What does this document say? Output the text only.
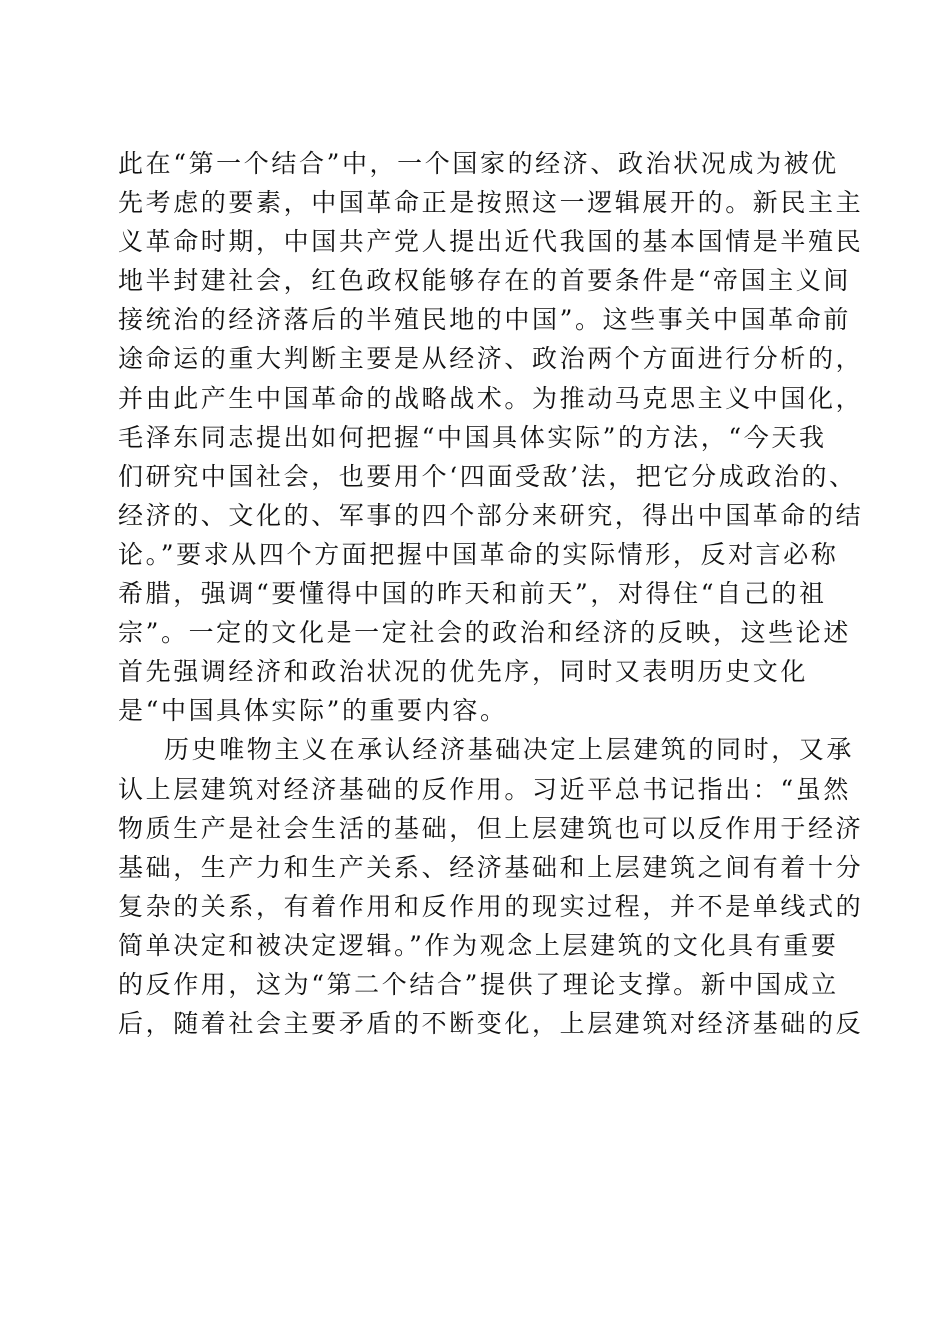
此在“第一个结合”中，一个国家的经济、政治状况成为被优
先考虑的要素，中国革命正是按照这一逻辑展开的。新民主主
义革命时期，中国共产党人提出近代我国的基本国情是半殖民
地半封建社会，红色政权能够存在的首要条件是“帝国主义间
接统治的经济落后的半殖民地的中国”。这些事关中国革命前
途命运的重大判断主要是从经济、政治两个方面进行分析的，
并由此产生中国革命的战略战术。为推动马克思主义中国化，
毛泽东同志提出如何把握“中国具体实际”的方法，“今天我
们研究中国社会，也要用个‘四面受敌’法，把它分成政治的、
经济的、文化的、军事的四个部分来研究，得出中国革命的结
论。”要求从四个方面把握中国革命的实际情形，反对言必称
希腊，强调“要懂得中国的昨天和前天”，对得住“自己的祖
宗”。一定的文化是一定社会的政治和经济的反映，这些论述
首先强调经济和政治状况的优先序，同时又表明历史文化
是“中国具体实际”的重要内容。
历史唯物主义在承认经济基础决定上层建筑的同时，又承
认上层建筑对经济基础的反作用。习近平总书记指出：“虽然
物质生产是社会生活的基础，但上层建筑也可以反作用于经济
基础，生产力和生产关系、经济基础和上层建筑之间有着十分
复杂的关系，有着作用和反作用的现实过程，并不是单线式的
简单决定和被决定逻辑。”作为观念上层建筑的文化具有重要
的反作用，这为“第二个结合”提供了理论支撑。新中国成立
后，随着社会主要矛盾的不断变化，上层建筑对经济基础的反
